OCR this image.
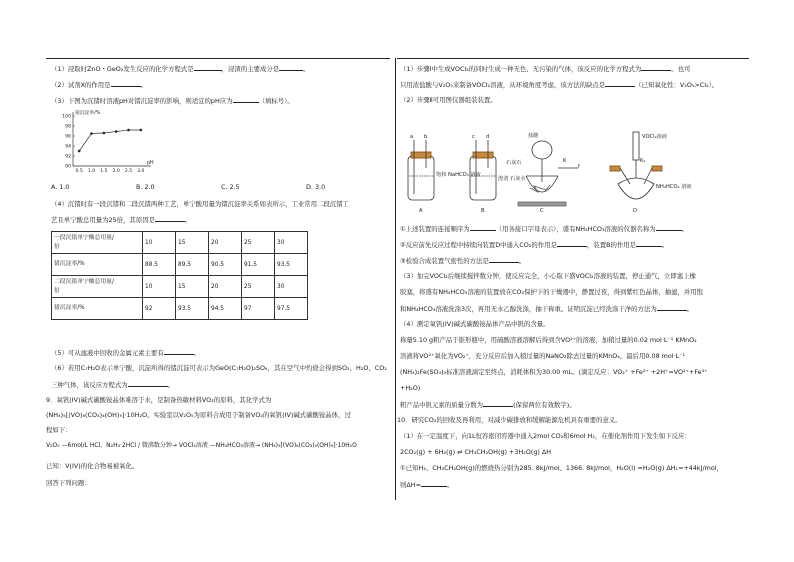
（1）浸取时ZnO・GeO₂发生反应的化学方程式是	，浸渣的主要成分是	。
（2）试剂X的作用是	。
（3）下图为沉锗时溶液pH对锗沉淀率的影响，则适宜的pH应为	（填标号）。
90
92
94
96
98
100
0.5 1.0 1.5 2.0 2.5 3.0
锗沉淀率/%
pH
A. 1.0	B. 2.0	C. 2.5	D. 3.0
（4）沉锗时有一段沉锗和二段沉锗两种工艺，单宁酸用量为锗沉淀率关系如表所示，工业常用二段沉锗工
艺且单宁酸总用量为25倍，其原因是	。
一段沉锗单宁酸总用量/
倍	10	15	20	25	30
锗沉淀率/%	88.5	89.5	90.5	91.5	93.5
二段沉锗单宁酸总用量/
倍	10	15	20	25	30
锗沉淀率/%	92	93.5	94.5	97	97.5
（5）可从滤液中回收的金属元素主要有	。
（6）若用C₇H₂O表示单宁酸，沉淀所得的锗沉淀可表示为GeO(C₇H₂O)₂SO₄，其在空气中灼烧会得到SO₂、H₂O、CO₂
三种气体，该反应方程式为	。
9．氧钒(IV)碱式碳酸铵晶体难溶于水，是制备热敏材料VO₂的原料，其化学式为
(NH₄)₅[(VO)₆(CO₃)₄(OH)₉]·10H₂O。实验室以V₂O₅为原料合成用于制备VO₂的氧钒(IV)碱式碳酸铵晶体，过
程如下：
V₂O₅ —6mol/L HCl、N₂H₄·2HCl / 微沸数分钟→ VOCl₂溶液 —NH₄HCO₃溶液→ (NH₄)₅[(VO)₆(CO₃)₄(OH)₉]·10H₂O
已知：V(IV)的化合物易被氧化。
回答下列问题：
（1）步骤Ⅰ中生成VOCl₂的同时生成一种无色、无污染的气体，该反应的化学方程式为	。也可
只用浓盐酸与V₂O₅来制备VOCl₂溶液，从环境角度考虑，该方法的缺点是	（已知氧化性：V₂O₅>Cl₂）。
（2）步骤Ⅱ可用图仪器组装装置。
a b	c d
饱和 NaHCO₃ 溶液
澄清 石灰水
盐酸
石灰石	K
f
VOCl₂溶液
K₂
NH₄HCO₃ 溶液
A	B	C	D
①上述装置的连接顺序为	（用各接口字母表示），盛有NH₄HCO₃溶液的仪器名称为	。
②反应前先反应过程中持续向装置D中通入CO₂的作用是	，装置B的作用是	。
③检验合成装置气密性的方法是	。
（3）加完VOCl₂后继续搅拌数分钟，使反应完全，小心取下盛VOCl₂溶液的装置，停止通气，立即塞上橡
胶塞，将盛有NH₄HCO₃溶液的装置放在CO₂保护下的干燥器中，静置过夜，得到紫红色晶体，抽滤，并用饱
和NH₄HCO₃溶液洗涤3次，再用无水乙醇洗涤，抽干称重。证明沉淀已经洗涤干净的方法为	。
（4）测定氧钒(IV)碱式碳酸铵晶体产品中钒的含量。
称量5.10 g粗产品于锥形瓶中，用硫酸溶液溶解后得到含VO²⁺的溶液，加稍过量的0.02 mol·L⁻¹ KMnO₄
溶液将VO²⁺氧化为VO₂⁺，充分反应后加入稍过量的NaNO₂除去过量的KMnO₄，最后用0.08 mol·L⁻¹
(NH₄)₂Fe(SO₄)₂标准溶液滴定至终点，消耗体积为30.00 mL。(滴定反应：VO₂⁺ +Fe²⁺ +2H⁺=VO²⁺+Fe³⁺
+H₂O)
粗产品中钒元素的质量分数为	(保留两位有效数字)。
10．研究CO₂的回收及再利用，对减少碳排放和缓解能源危机具有重要的意义。
（1）在一定温度下，向1L恒容密闭容器中通入2mol CO₂和6mol H₂，在催化剂作用下发生如下反应：
2CO₂(g) + 6H₂(g) ⇌ CH₃CH₂OH(g) +3H₂O(g) ΔH
①已知H₂、CH₃CH₂OH(g)的燃烧热分别为285. 8kJ/mol、1366. 8kJ/mol，H₂O(l) =H₂O(g) ΔH₁=+44kJ/mol，
则ΔH=	。
